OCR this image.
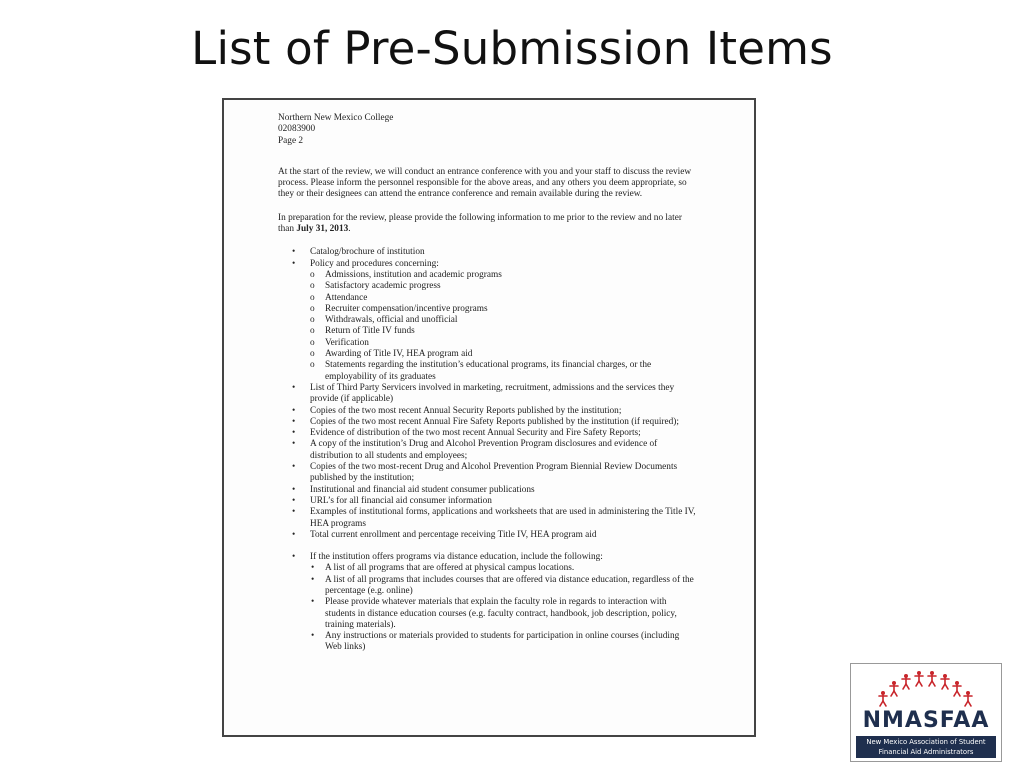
List of Pre-Submission Items
Northern New Mexico College
02083900
Page 2

At the start of the review, we will conduct an entrance conference with you and your staff to discuss the review process. Please inform the personnel responsible for the above areas, and any others you deem appropriate, so they or their designees can attend the entrance conference and remain available during the review.

In preparation for the review, please provide the following information to me prior to the review and no later than July 31, 2013.

• Catalog/brochure of institution
• Policy and procedures concerning:
o Admissions, institution and academic programs
o Satisfactory academic progress
o Attendance
o Recruiter compensation/incentive programs
o Withdrawals, official and unofficial
o Return of Title IV funds
o Verification
o Awarding of Title IV, HEA program aid
o Statements regarding the institution’s educational programs, its financial charges, or the employability of its graduates
• List of Third Party Servicers involved in marketing, recruitment, admissions and the services they provide (if applicable)
• Copies of the two most recent Annual Security Reports published by the institution;
• Copies of the two most recent Annual Fire Safety Reports published by the institution (if required);
• Evidence of distribution of the two most recent Annual Security and Fire Safety Reports;
• A copy of the institution’s Drug and Alcohol Prevention Program disclosures and evidence of distribution to all students and employees;
• Copies of the two most-recent Drug and Alcohol Prevention Program Biennial Review Documents published by the institution;
• Institutional and financial aid student consumer publications
• URL’s for all financial aid consumer information
• Examples of institutional forms, applications and worksheets that are used in administering the Title IV, HEA programs
• Total current enrollment and percentage receiving Title IV, HEA program aid
• If the institution offers programs via distance education, include the following:
• A list of all programs that are offered at physical campus locations.
• A list of all programs that includes courses that are offered via distance education, regardless of the percentage (e.g. online)
• Please provide whatever materials that explain the faculty role in regards to interaction with students in distance education courses (e.g. faculty contract, handbook, job description, policy, training materials).
• Any instructions or materials provided to students for participation in online courses (including Web links)
NMASFAA
New Mexico Association of Student
Financial Aid Administrators
